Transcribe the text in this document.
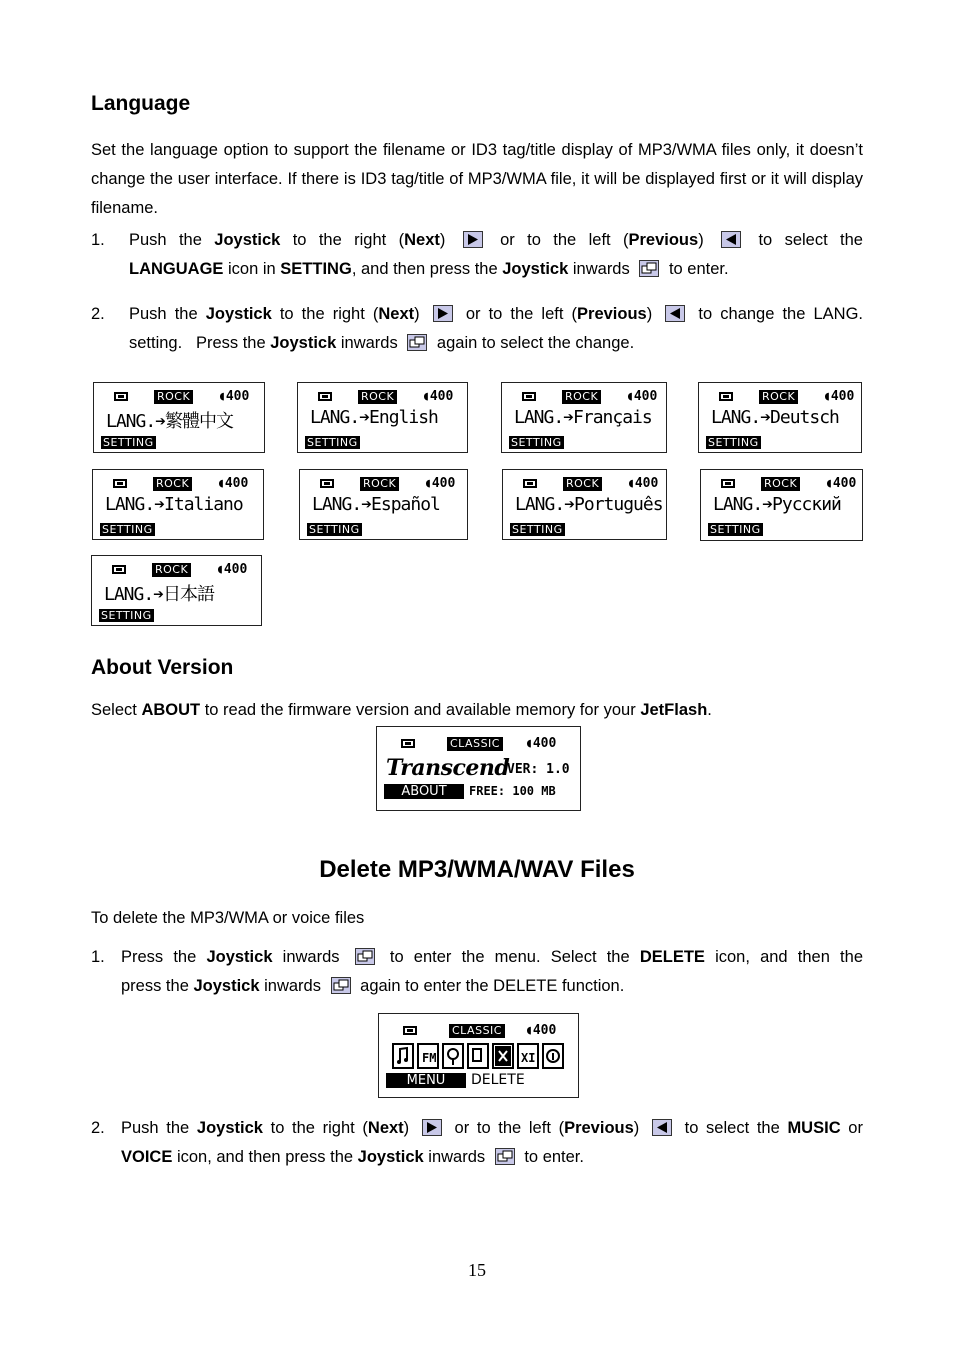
Language

Set the language option to support the filename or ID3 tag/title display of MP3/WMA files only, it doesn’t change the user interface. If there is ID3 tag/title of MP3/WMA file, it will be displayed first or it will display filename.

1. Push the Joystick to the right (Next)	or to the left (Previous)	to select the
LANGUAGE icon in SETTING, and then press the Joystick inwards to enter.
2. Push the Joystick to the right (Next)	or to the left (Previous)	to change the LANG.
setting.   Press the Joystick inwards again to select the change.
ROCK ◖400
LANG.➔繁體中文
SETTING
ROCK ◖400
LANG.➔English
SETTING
ROCK ◖400
LANG.➔Français
SETTING
ROCK ◖400
LANG.➔Deutsch
SETTING
ROCK ◖400
LANG.➔Italiano
SETTING
ROCK ◖400
LANG.➔Español
SETTING
ROCK ◖400
LANG.➔Português
SETTING
ROCK ◖400
LANG.➔Русский
SETTING
ROCK ◖400
LANG.➔日本語
SETTING
About Version
Select ABOUT to read the firmware version and available memory for your JetFlash.
CLASSIC ◖400
Transcend
VER: 1.0
ABOUT	FREE: 100 MB
Delete MP3/WMA/WAV Files
To delete the MP3/WMA or voice files
1. Press the Joystick inwards	to enter the menu. Select the DELETE icon, and then the
press the Joystick inwards again to enter the DELETE function.
CLASSIC ◖400
FM	XI
MENU	DELETE
2. Push the Joystick to the right (Next)	or to the left (Previous)	to select the MUSIC or
VOICE icon, and then press the Joystick inwards to enter.
15
